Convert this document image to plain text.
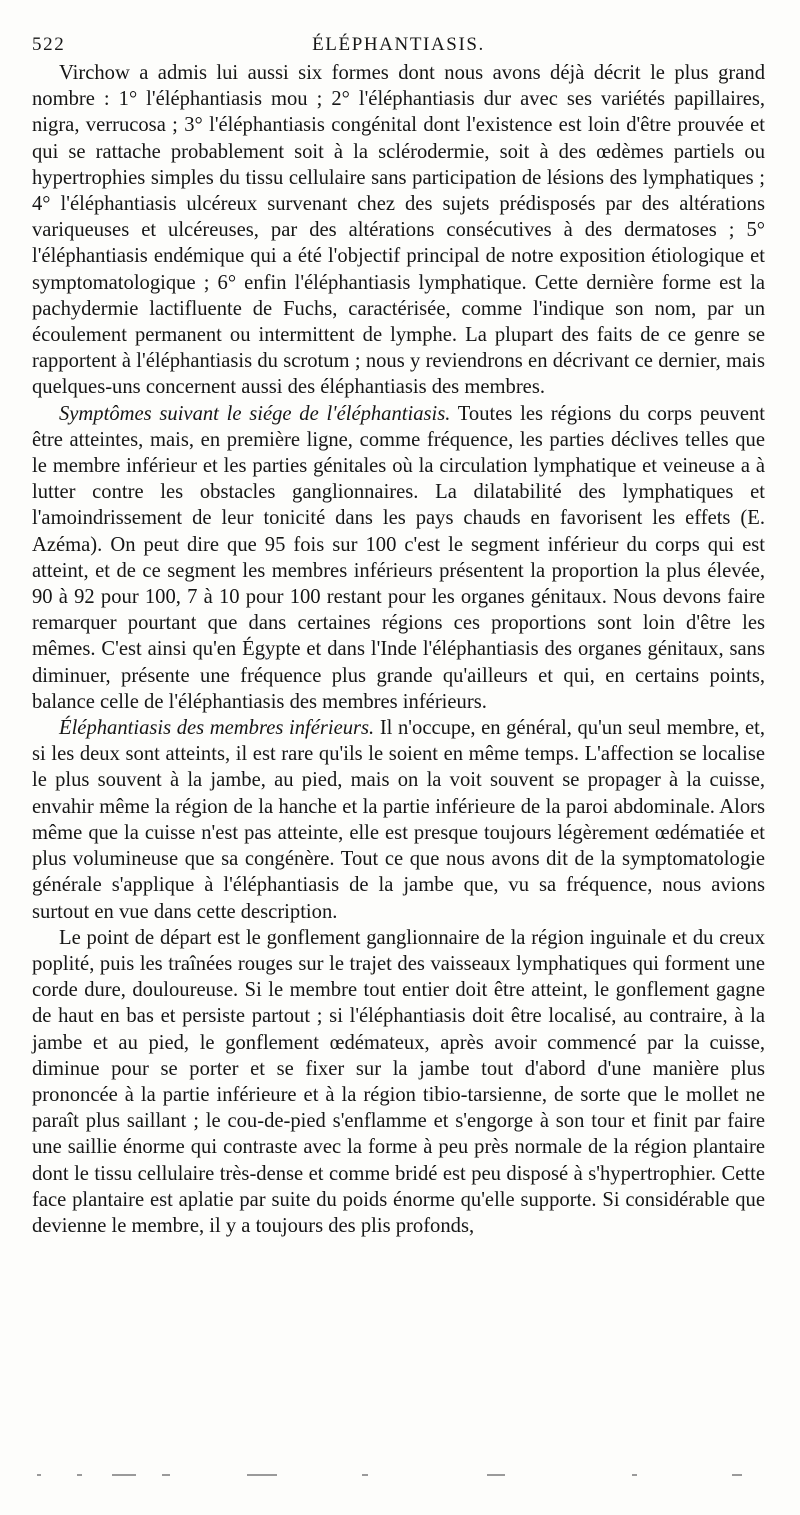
522	ÉLÉPHANTIASIS.

Virchow a admis lui aussi six formes dont nous avons déjà décrit le plus grand nombre : 1° l'éléphantiasis mou ; 2° l'éléphantiasis dur avec ses variétés papillaires, nigra, verrucosa ; 3° l'éléphantiasis congénital dont l'existence est loin d'être prouvée et qui se rattache probablement soit à la sclérodermie, soit à des œdèmes partiels ou hypertrophies simples du tissu cellulaire sans participation de lésions des lymphatiques ; 4° l'éléphantiasis ulcéreux survenant chez des sujets prédisposés par des altérations variqueuses et ulcéreuses, par des altérations consécutives à des dermatoses ; 5° l'éléphantiasis endémique qui a été l'objectif principal de notre exposition étiologique et symptomatologique ; 6° enfin l'éléphantiasis lymphatique. Cette dernière forme est la pachydermie lactifluente de Fuchs, caractérisée, comme l'indique son nom, par un écoulement permanent ou intermittent de lymphe. La plupart des faits de ce genre se rapportent à l'éléphantiasis du scrotum ; nous y reviendrons en décrivant ce dernier, mais quelques-uns concernent aussi des éléphantiasis des membres.

Symptômes suivant le siége de l'éléphantiasis. Toutes les régions du corps peuvent être atteintes, mais, en première ligne, comme fréquence, les parties déclives telles que le membre inférieur et les parties génitales où la circulation lymphatique et veineuse a à lutter contre les obstacles ganglionnaires. La dilatabilité des lymphatiques et l'amoindrissement de leur tonicité dans les pays chauds en favorisent les effets (E. Azéma). On peut dire que 95 fois sur 100 c'est le segment inférieur du corps qui est atteint, et de ce segment les membres inférieurs présentent la proportion la plus élevée, 90 à 92 pour 100, 7 à 10 pour 100 restant pour les organes génitaux. Nous devons faire remarquer pourtant que dans certaines régions ces proportions sont loin d'être les mêmes. C'est ainsi qu'en Égypte et dans l'Inde l'éléphantiasis des organes génitaux, sans diminuer, présente une fréquence plus grande qu'ailleurs et qui, en certains points, balance celle de l'éléphantiasis des membres inférieurs.

Éléphantiasis des membres inférieurs. Il n'occupe, en général, qu'un seul membre, et, si les deux sont atteints, il est rare qu'ils le soient en même temps. L'affection se localise le plus souvent à la jambe, au pied, mais on la voit souvent se propager à la cuisse, envahir même la région de la hanche et la partie inférieure de la paroi abdominale. Alors même que la cuisse n'est pas atteinte, elle est presque toujours légèrement œdématiée et plus volumineuse que sa congénère. Tout ce que nous avons dit de la symptomatologie générale s'applique à l'éléphantiasis de la jambe que, vu sa fréquence, nous avions surtout en vue dans cette description.

Le point de départ est le gonflement ganglionnaire de la région inguinale et du creux poplité, puis les traînées rouges sur le trajet des vaisseaux lymphatiques qui forment une corde dure, douloureuse. Si le membre tout entier doit être atteint, le gonflement gagne de haut en bas et persiste partout ; si l'éléphantiasis doit être localisé, au contraire, à la jambe et au pied, le gonflement œdémateux, après avoir commencé par la cuisse, diminue pour se porter et se fixer sur la jambe tout d'abord d'une manière plus prononcée à la partie inférieure et à la région tibio-tarsienne, de sorte que le mollet ne paraît plus saillant ; le cou-de-pied s'enflamme et s'engorge à son tour et finit par faire une saillie énorme qui contraste avec la forme à peu près normale de la région plantaire dont le tissu cellulaire très-dense et comme bridé est peu disposé à s'hypertrophier. Cette face plantaire est aplatie par suite du poids énorme qu'elle supporte. Si considérable que devienne le membre, il y a toujours des plis profonds,
